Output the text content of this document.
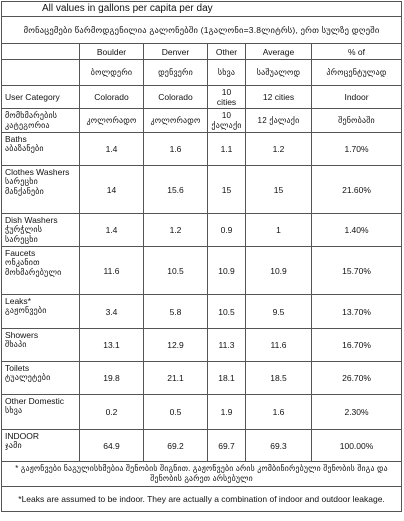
All values in gallons per capita per day					
მონაცემები წარმოდგენილია გალონებში (1გალონი=3.8ლიტრს), ერთ სულზე დღეში					
	Boulder	Denver	Other	Average	% of
	ბოლდერი	დენვერი	სხვა	საშუალოდ	პროცენტულად
User Category	Colorado	Colorado	10 cities	12 cities	Indoor
მომხმარების კატეგორია	კოლორადო	კოლორადო	10 ქალაქი	12 ქალაქი	შენობაში

Baths
აბაზანები	1.4	1.6	1.1	1.2	1.70%

Clothes Washers
სარეცხი მანქანები	14	15.6	15	15	21.60%

Dish Washers
ჭურჭლის სარეცხი	1.4	1.2	0.9	1	1.40%

Faucets
ონკანით მოხმარებული	11.6	10.5	10.9	10.9	15.70%

Leaks*
გაჟონვები	3.4	5.8	10.5	9.5	13.70%

Showers
შხაპი	13.1	12.9	11.3	11.6	16.70%

Toilets
ტუალეტები	19.8	21.1	18.1	18.5	26.70%

Other Domestic
სხვა	0.2	0.5	1.9	1.6	2.30%

INDOOR
ჯამი	64.9	69.2	69.7	69.3	100.00%
* გაჟონვები ნაგულისხმებია შენობის შიგნით. გაჟონვები არის კომბინირებული შენობის შიგა და შენობის გარეთ არსებული					
*Leaks are assumed to be indoor. They are actually a combination of indoor and outdoor leakage.					
